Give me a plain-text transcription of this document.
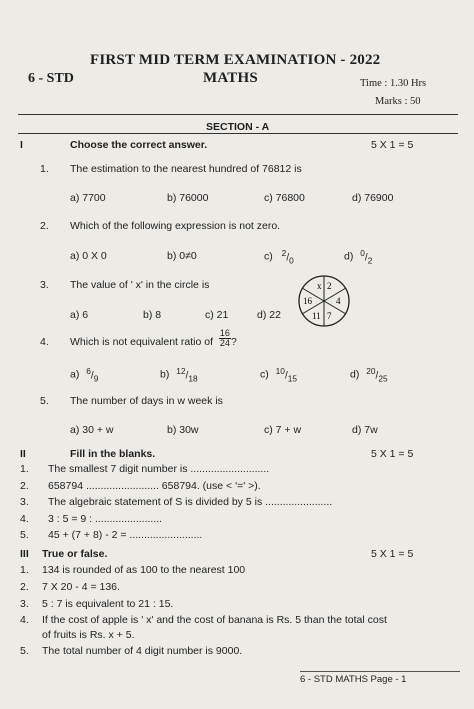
FIRST MID TERM EXAMINATION - 2022
6 - STD	MATHS	Time : 1.30 Hrs
Marks : 50
SECTION - A
I	Choose the correct answer.	5 X 1 = 5
1. The estimation to the nearest hundred of 76812 is
a) 7700	b) 76000	c) 76800	d) 76900
2. Which of the following expression is not zero.
a) 0 X 0	b) 0≠0	c) $^2/_0$	d) $^0/_2$
3. The value of ' x' in the circle is
a) 6	b) 8	c) 21	d) 22
x 2
16	4
11 7
4. Which is not equivalent ratio of $\frac{16}{24}$ ?
a) $^6/_9$	b) $^{12}/_{18}$	c) $^{10}/_{15}$	d) $^{20}/_{25}$
5. The number of days in w week is
a) 30 + w	b) 30w	c) 7 + w	d) 7w
II	Fill in the blanks.	5 X 1 = 5
1. The smallest 7 digit number is ...........................
2. 658794 ......................... 658794. (use < '=' >).
3. The algebraic statement of S is divided by 5 is .......................
4. 3 : 5 = 9 : .......................
5. 45 + (7 + 8) - 2 = .........................
III True or false.	5 X 1 = 5
1. 134 is rounded of as 100 to the nearest 100
2. 7 X 20 - 4 = 136.
3. 5 : 7 is equivalent to 21 : 15.
4. If the cost of apple is ' x' and the cost of banana is Rs. 5 than the total cost
of fruits is Rs. x + 5.
5. The total number of 4 digit number is 9000.
6 - STD MATHS Page - 1
